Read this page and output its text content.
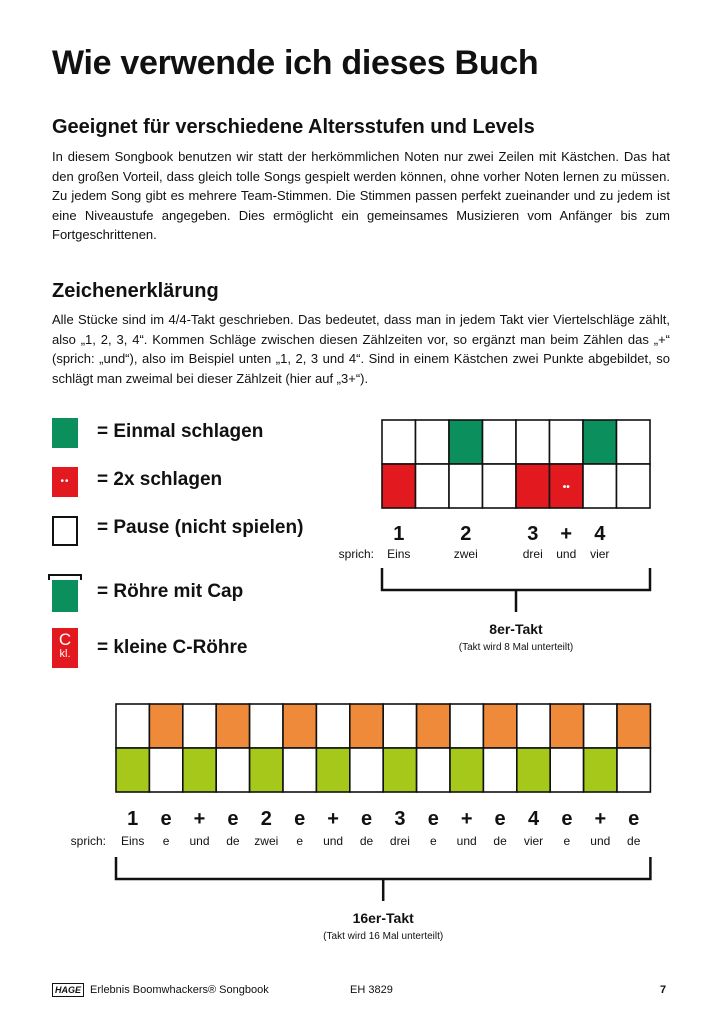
Wie verwende ich dieses Buch
Geeignet für verschiedene Altersstufen und Levels

In diesem Songbook benutzen wir statt der herkömmlichen Noten nur zwei Zeilen mit Kästchen. Das hat den großen Vorteil, dass gleich tolle Songs gespielt werden können, ohne vorher Noten lernen zu müssen. Zu jedem Song gibt es mehrere Team-Stimmen. Die Stimmen passen perfekt zueinander und zu jedem ist eine Niveaustufe angegeben. Dies ermöglicht ein gemeinsames Musizieren vom Anfänger bis zum Fortgeschrittenen.

Zeichenerklärung

Alle Stücke sind im 4/4-Takt geschrieben. Das bedeutet, dass man in jedem Takt vier Viertelschläge zählt, also „1, 2, 3, 4“. Kommen Schläge zwischen diesen Zählzeiten vor, so ergänzt man beim Zählen das „+“ (sprich: „und“), also im Beispiel unten „1, 2, 3 und 4“. Sind in einem Kästchen zwei Punkte abgebildet, so schlägt man zweimal bei dieser Zählzeit (hier auf „3+“).

= Einmal schlagen
••	= 2x schlagen
= Pause (nicht spielen)
= Röhre mit Cap
C
kl.	= kleine C-Röhre
••
1	2	3 + 4
sprich: Eins	zwei	drei und vier
8er-Takt
(Takt wird 8 Mal unterteilt)
1 e + e 2 e + e 3 e + e 4 e + e
sprich: Eins e und de zwei e und de drei e und de vier e und de
16er-Takt
(Takt wird 16 Mal unterteilt)
HAGE Erlebnis Boomwhackers® Songbook	EH 3829	7
